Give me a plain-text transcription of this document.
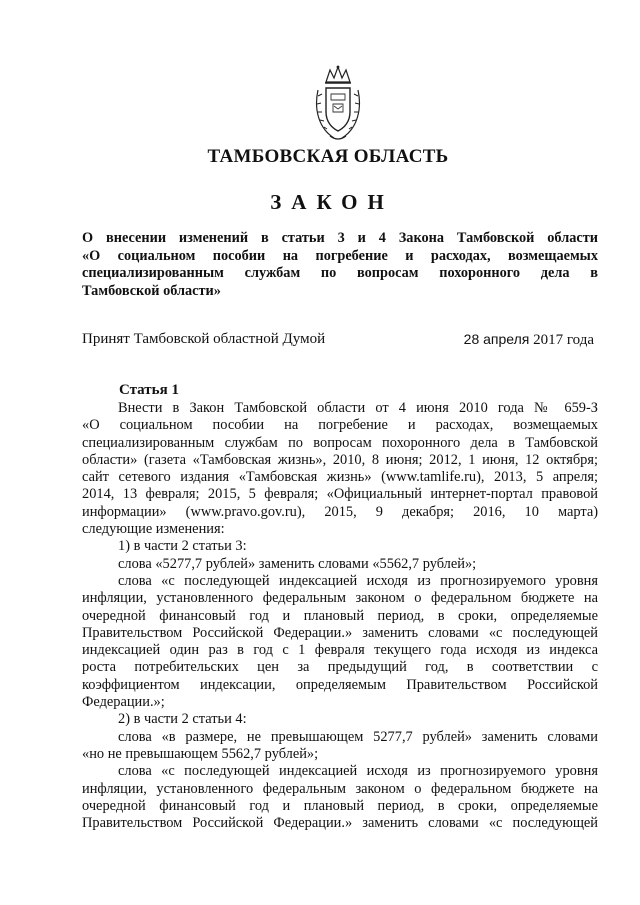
ТАМБОВСКАЯ ОБЛАСТЬ
ЗАКОН
О внесении изменений в статьи 3 и 4 Закона Тамбовской области
«О социальном пособии на погребение и расходах, возмещаемых
специализированным службам по вопросам похоронного дела в
Тамбовской области»
Принят Тамбовской областной Думой	28 апреля 2017 года
Статья 1
Внести в Закон Тамбовской области от 4 июня 2010 года № 659-З
«О социальном пособии на погребение и расходах, возмещаемых
специализированным службам по вопросам похоронного дела в Тамбовской
области» (газета «Тамбовская жизнь», 2010, 8 июня; 2012, 1 июня, 12 октября;
сайт сетевого издания «Тамбовская жизнь» (www.tamlife.ru), 2013, 5 апреля;
2014, 13 февраля; 2015, 5 февраля; «Официальный интернет-портал правовой
информации» (www.pravo.gov.ru), 2015, 9 декабря; 2016, 10 марта)
следующие изменения:
1) в части 2 статьи 3:
слова «5277,7 рублей» заменить словами «5562,7 рублей»;
слова «с последующей индексацией исходя из прогнозируемого уровня
инфляции, установленного федеральным законом о федеральном бюджете на
очередной финансовый год и плановый период, в сроки, определяемые
Правительством Российской Федерации.» заменить словами «с последующей
индексацией один раз в год с 1 февраля текущего года исходя из индекса
роста потребительских цен за предыдущий год, в соответствии с
коэффициентом индексации, определяемым Правительством Российской
Федерации.»;
2) в части 2 статьи 4:
слова «в размере, не превышающем 5277,7 рублей» заменить словами
«но не превышающем 5562,7 рублей»;
слова «с последующей индексацией исходя из прогнозируемого уровня
инфляции, установленного федеральным законом о федеральном бюджете на
очередной финансовый год и плановый период, в сроки, определяемые
Правительством Российской Федерации.» заменить словами «с последующей
